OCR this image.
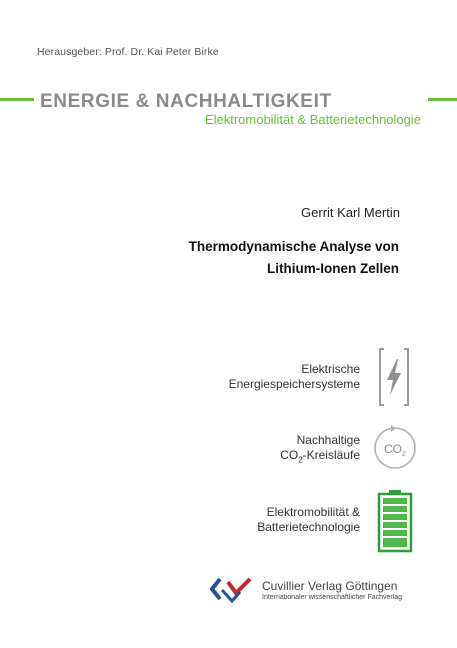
Herausgeber: Prof. Dr. Kai Peter Birke
ENERGIE & NACHHALTIGKEIT
Elektromobilität & Batterietechnologie
Gerrit Karl Mertin
Thermodynamische Analyse von
Lithium-Ionen Zellen
Elektrische
Energiespeichersysteme
Nachhaltige
$CO_2$-Kreisläufe CO 2
Elektromobilität &
Batterietechnologie
Cuvillier Verlag Göttingen
Internationaler wissenschaftlicher Fachverlag
